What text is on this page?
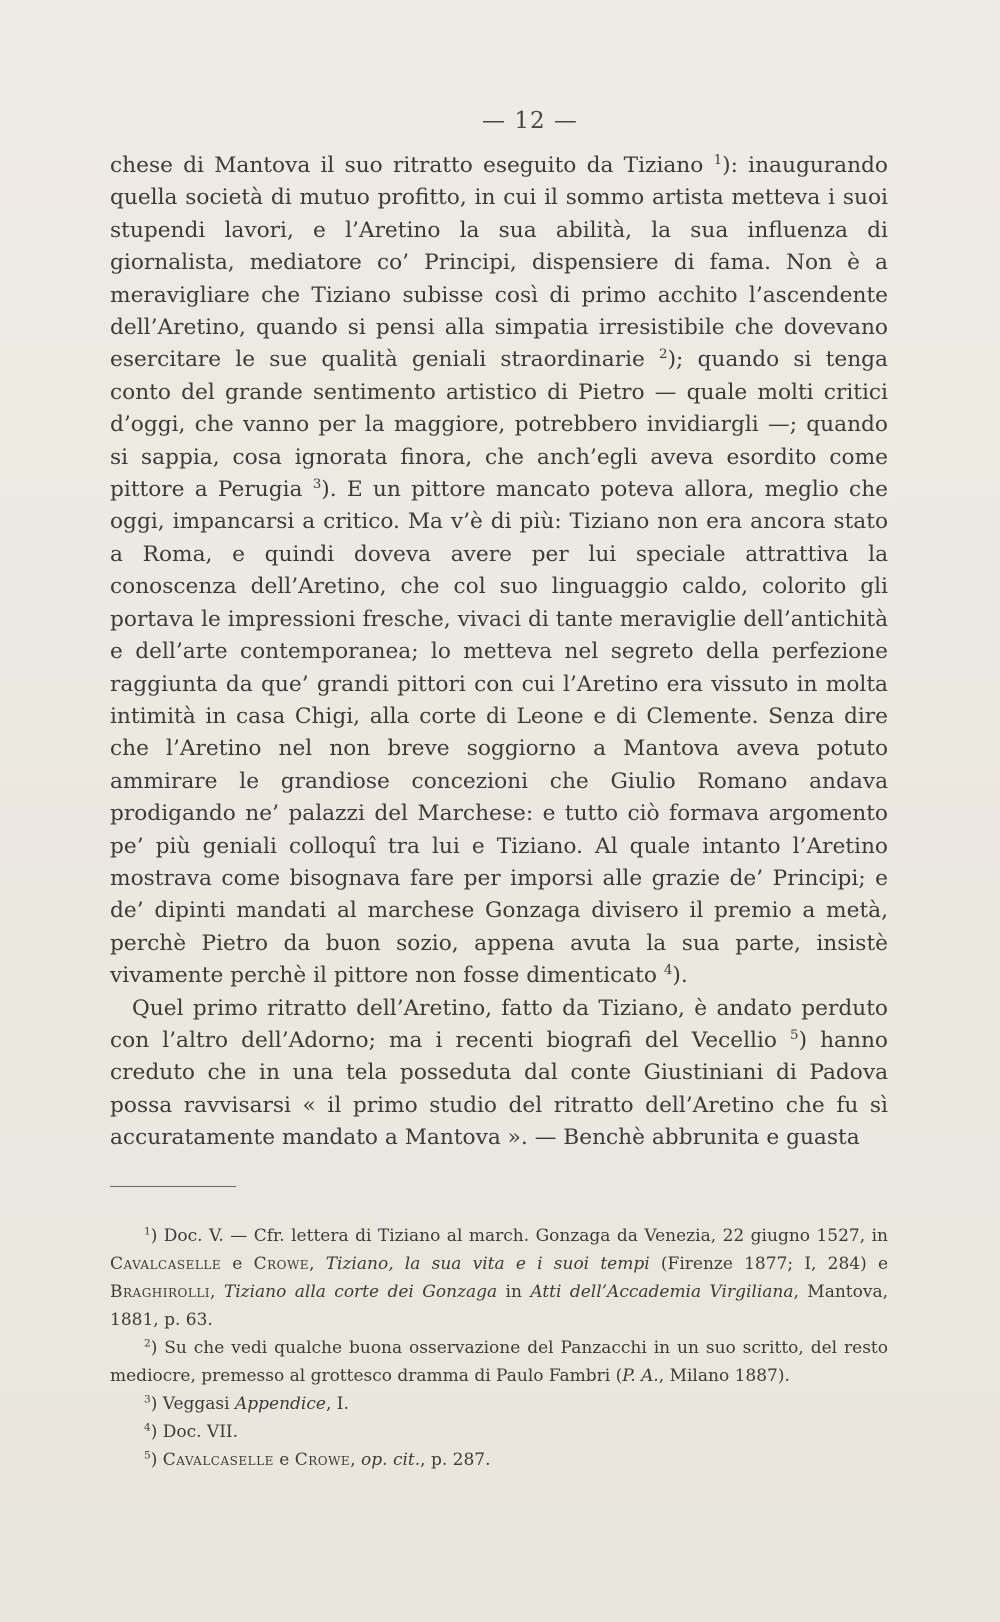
— 12 —

chese di Mantova il suo ritratto eseguito da Tiziano $^1$): inaugurando quella società di mutuo profitto, in cui il sommo artista metteva i suoi stupendi lavori, e l’Aretino la sua abilità, la sua influenza di giornalista, mediatore co’ Principi, dispensiere di fama. Non è a meravigliare che Tiziano subisse così di primo acchito l’ascendente dell’Aretino, quando si pensi alla simpatia irresistibile che dovevano esercitare le sue qualità geniali straordinarie $^2$); quando si tenga conto del grande sentimento artistico di Pietro — quale molti critici d’oggi, che vanno per la maggiore, potrebbero invidiargli —; quando si sappia, cosa ignorata finora, che anch’egli aveva esordito come pittore a Perugia $^3$). E un pittore mancato poteva allora, meglio che oggi, impancarsi a critico. Ma v’è di più: Tiziano non era ancora stato a Roma, e quindi doveva avere per lui speciale attrattiva la conoscenza dell’Aretino, che col suo linguaggio caldo, colorito gli portava le impressioni fresche, vivaci di tante meraviglie dell’antichità e dell’arte contemporanea; lo metteva nel segreto della perfezione raggiunta da que’ grandi pittori con cui l’Aretino era vissuto in molta intimità in casa Chigi, alla corte di Leone e di Clemente. Senza dire che l’Aretino nel non breve soggiorno a Mantova aveva potuto ammirare le grandiose concezioni che Giulio Romano andava prodigando ne’ palazzi del Marchese: e tutto ciò formava argomento pe’ più geniali colloquî tra lui e Tiziano. Al quale intanto l’Aretino mostrava come bisognava fare per imporsi alle grazie de’ Principi; e de’ dipinti mandati al marchese Gonzaga divisero il premio a metà, perchè Pietro da buon sozio, appena avuta la sua parte, insistè vivamente perchè il pittore non fosse dimenticato $^4$).

Quel primo ritratto dell’Aretino, fatto da Tiziano, è andato perduto con l’altro dell’Adorno; ma i recenti biografi del Vecellio $^5$) hanno creduto che in una tela posseduta dal conte Giustiniani di Padova possa ravvisarsi « il primo studio del ritratto dell’Aretino che fu sì accuratamente mandato a Mantova ». — Benchè abbrunita e guasta

$^1$) Doc. V. — Cfr. lettera di Tiziano al march. Gonzaga da Venezia, 22 giugno 1527, in Cavalcaselle e Crowe, Tiziano, la sua vita e i suoi tempi (Firenze 1877; I, 284) e Braghirolli, Tiziano alla corte dei Gonzaga in Atti dell’Accademia Virgiliana, Mantova, 1881, p. 63.

$^2$) Su che vedi qualche buona osservazione del Panzacchi in un suo scritto, del resto mediocre, premesso al grottesco dramma di Paulo Fambri (P. A., Milano 1887).

$^3$) Veggasi Appendice, I.

$^4$) Doc. VII.

$^5$) Cavalcaselle e Crowe, op. cit., p. 287.
